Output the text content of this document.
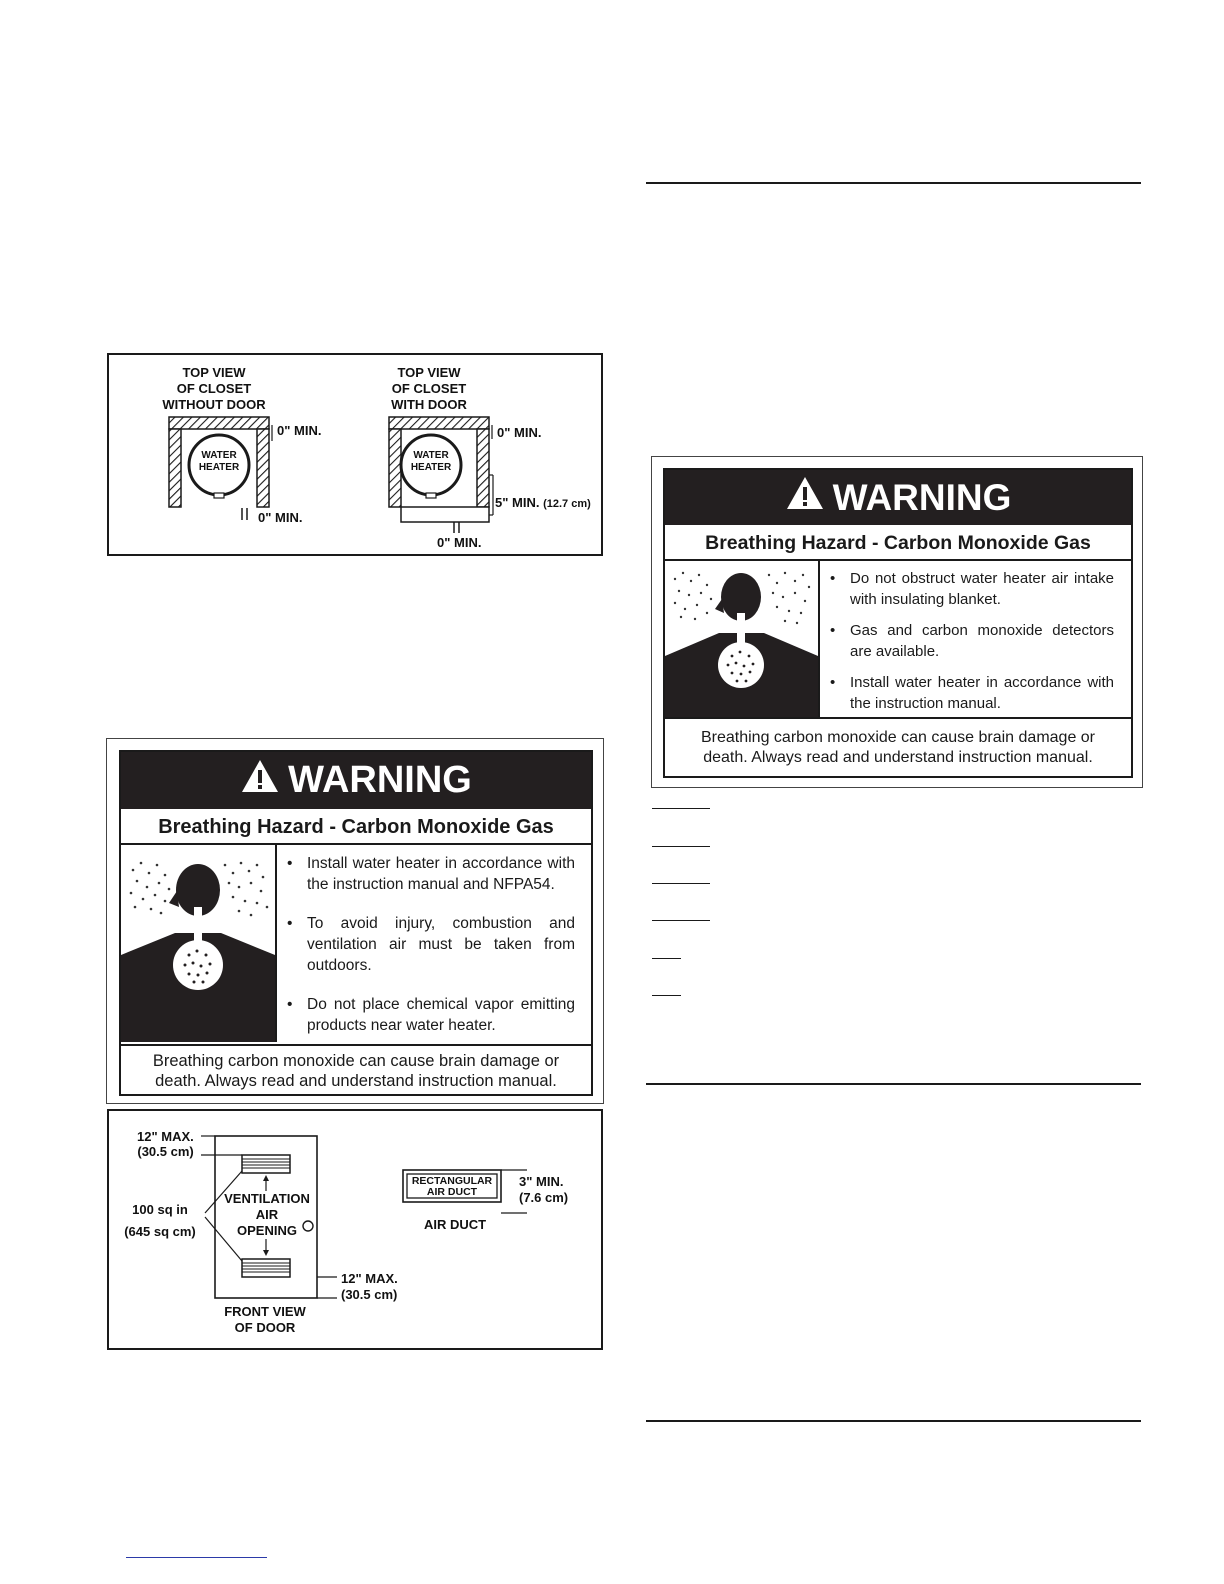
TOP VIEW
OF CLOSET
WITHOUT DOOR
TOP VIEW
OF CLOSET
WITH DOOR
WATER
HEATER
WATER
HEATER
0" MIN.
0" MIN.
0" MIN.
5" MIN. (12.7 cm)
0" MIN.
WARNING
Breathing Hazard - Carbon Monoxide Gas
• Install water heater in accordance with the instruction manual and NFPA54.
• To avoid injury, combustion and ventilation air must be taken from outdoors.
• Do not place chemical vapor emitting products near water heater.
Breathing carbon monoxide can cause brain damage or death. Always read and understand instruction manual.
WARNING
Breathing Hazard - Carbon Monoxide Gas
• Do not obstruct water heater air intake with insulating blanket.
• Gas and carbon monoxide detectors are available.
• Install water heater in accordance with the instruction manual.
Breathing carbon monoxide can cause brain damage or death. Always read and understand instruction manual.
12" MAX.
(30.5 cm)
100 sq in
(645 sq cm)
VENTILATION
AIR
OPENING
12" MAX.
(30.5 cm)
FRONT VIEW
OF DOOR
RECTANGULAR
AIR DUCT
3" MIN.
(7.6 cm)
AIR DUCT
